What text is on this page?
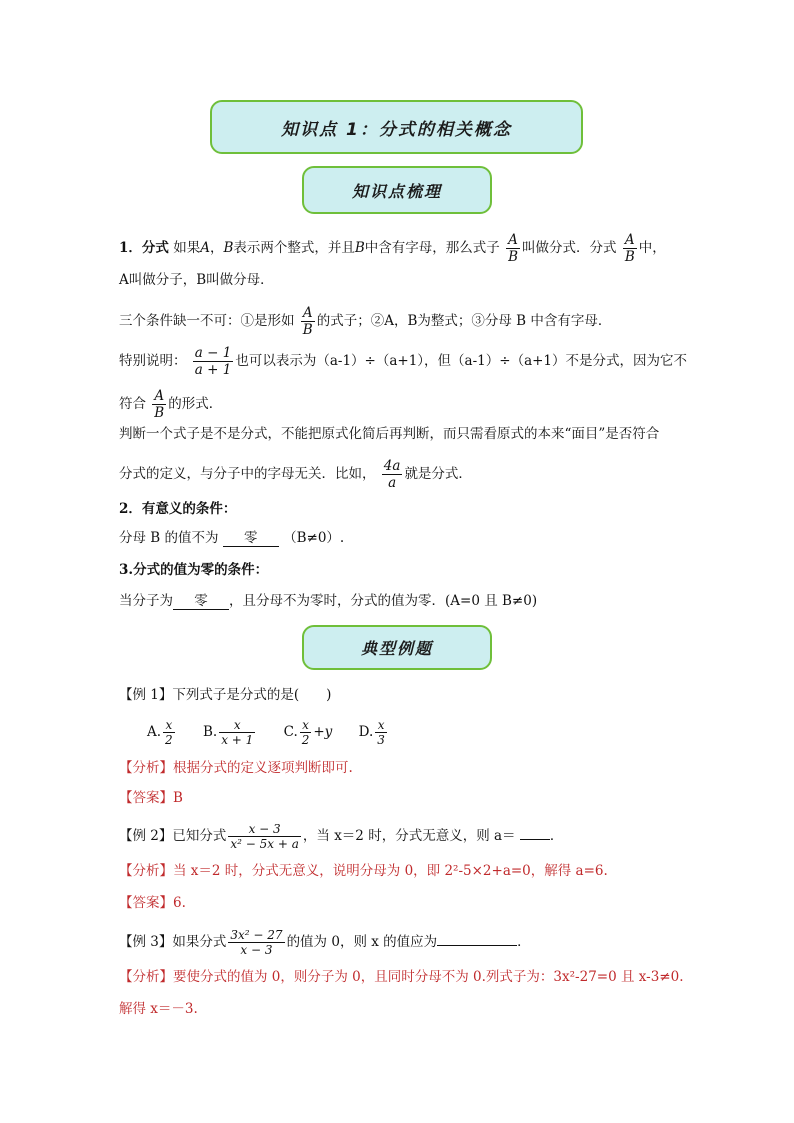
知识点 1：分式的相关概念
知识点梳理
1．分式 如果A，B表示两个整式，并且B中含有字母，那么式子 $\frac{A}{B}$ 叫做分式．分式 $\frac{A}{B}$ 中，
A叫做分子，B叫做分母．
三个条件缺一不可：①是形如 $\frac{A}{B}$ 的式子；②A，B为整式；③分母 B 中含有字母．
特别说明： $\frac{a - 1}{a + 1}$ 也可以表示为（a-1）÷（a+1），但（a-1）÷（a+1）不是分式，因为它不
符合 $\frac{A}{B}$ 的形式．
判断一个式子是不是分式，不能把原式化简后再判断，而只需看原式的本来“面目”是否符合
分式的定义，与分子中的字母无关．比如， $\frac{4a}{a}$ 就是分式．
2．有意义的条件：
分母 B 的值不为 零 （B≠0）.
3.分式的值为零的条件：
当分子为 零 ，且分母不为零时，分式的值为零．(A=0 且 B≠0)
典型例题
【例 1】下列式子是分式的是(　　)
A. $\frac{x}{2} B$. $\frac{x}{x + 1} C$. $\frac{x}{2} +y$ D. $\frac{x}{3}$
【分析】根据分式的定义逐项判断即可.
【答案】B
【例 2】已知分式 $\frac{x - 3}{\text{x² − 5x + a}}$ ，当 x＝2 时，分式无意义，则 a＝	．
【分析】当 x＝2 时，分式无意义，说明分母为 0，即 2²-5×2+a=0，解得 a=6.
【答案】6.
【例 3】如果分式 $\frac{\text{3x² − 27}}{x - 3}$ 的值为 0，则 x 的值应为	．
【分析】要使分式的值为 0，则分子为 0，且同时分母不为 0.列式子为：3x²-27=0 且 x-3≠0.
解得 x＝－3.
